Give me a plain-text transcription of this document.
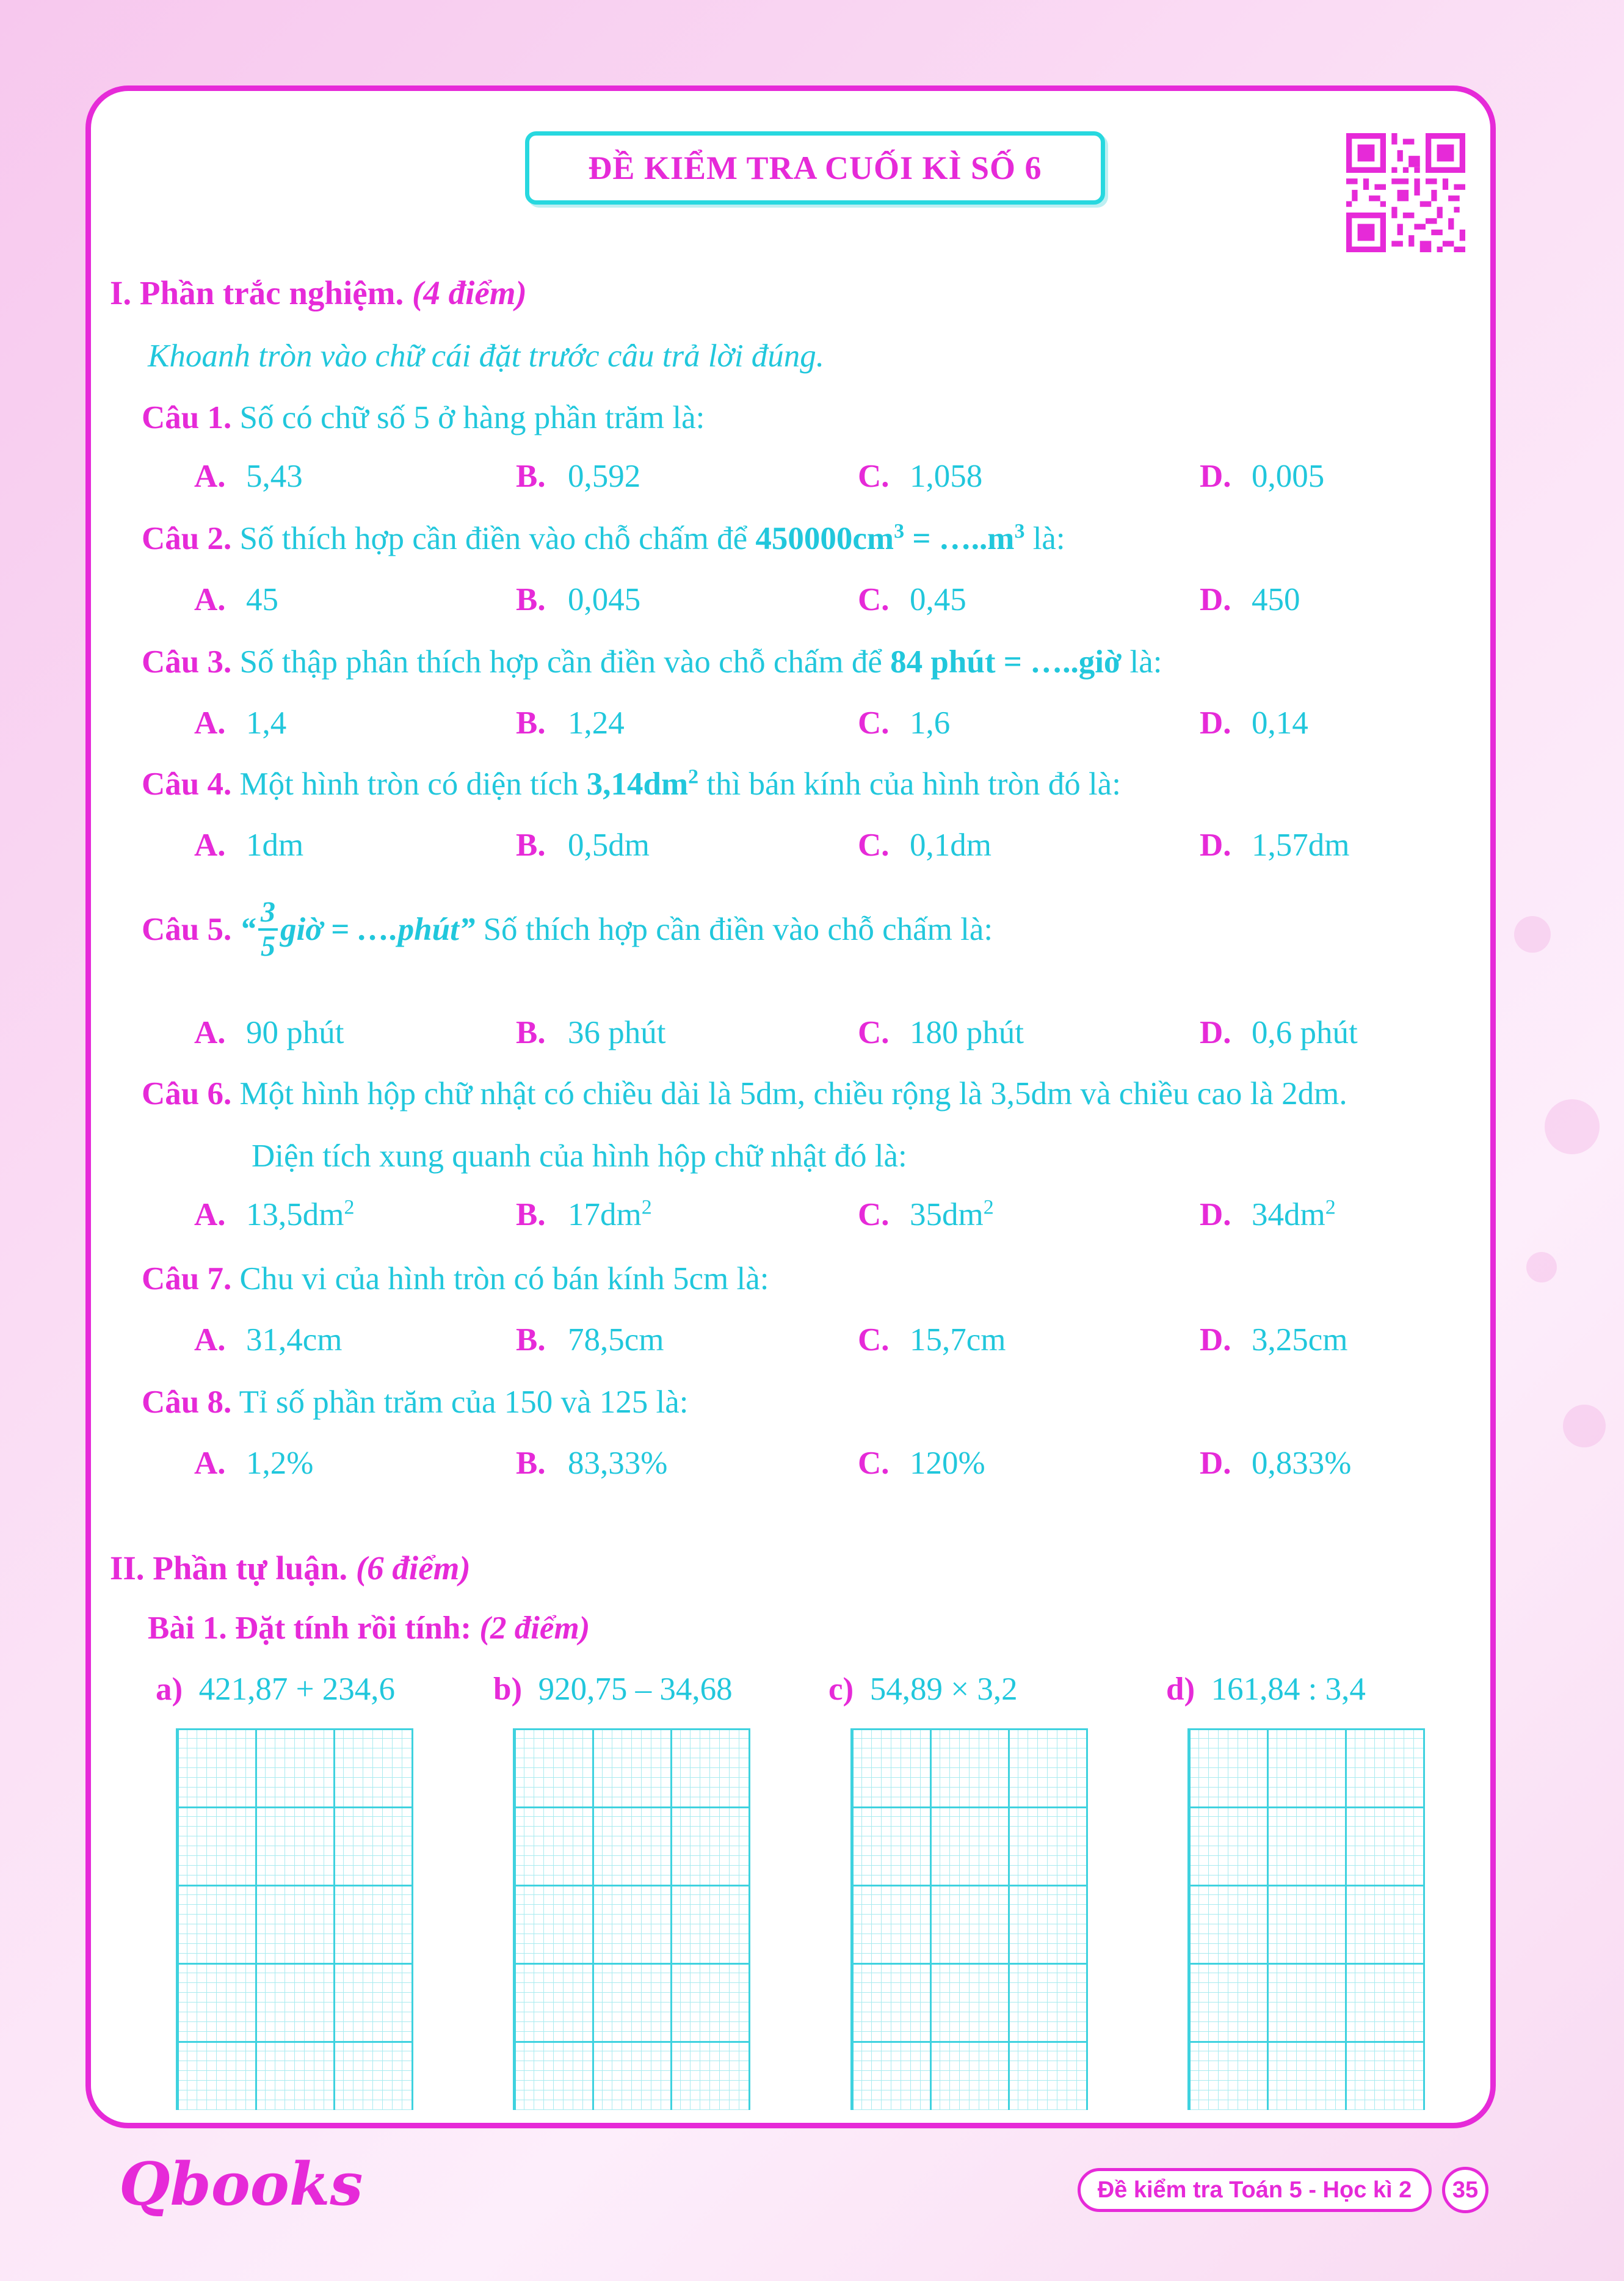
ĐỀ KIỂM TRA CUỐI KÌ SỐ 6
I. Phần trắc nghiệm. (4 điểm)
Khoanh tròn vào chữ cái đặt trước câu trả lời đúng.
Câu 1. Số có chữ số 5 ở hàng phần trăm là:
A. 5,43	B. 0,592	C. 1,058	D. 0,005
Câu 2. Số thích hợp cần điền vào chỗ chấm để $450000cm^3$ = $\dots..m^3$ là:
A. 45	B. 0,045	C. 0,45	D. 450
Câu 3. Số thập phân thích hợp cần điền vào chỗ chấm để 84 phút = …..giờ là:
A. 1,4	B. 1,24	C. 1,6	D. 0,14
Câu 4. Một hình tròn có diện tích $3,14dm^2$ thì bán kính của hình tròn đó là:
A. 1dm	B. 0,5dm	C. 0,1dm	D. 1,57dm
Câu 5.
“ $\frac{3}{5}$ giờ = ….phút”
Số thích hợp cần điền vào chỗ chấm là:
A. 90 phút	B. 36 phút	C. 180 phút	D. 0,6 phút
Câu 6. Một hình hộp chữ nhật có chiều dài là 5dm, chiều rộng là 3,5dm và chiều cao là 2dm.
Diện tích xung quanh của hình hộp chữ nhật đó là:
A. $13,5dm^2$	B. $17dm^2$	C. $35dm^2$	D. $34dm^2$
Câu 7. Chu vi của hình tròn có bán kính 5cm là:
A. 31,4cm	B. 78,5cm	C. 15,7cm	D. 3,25cm
Câu 8. Tỉ số phần trăm của 150 và 125 là:
A. 1,2%	B. 83,33%	C. 120%	D. 0,833%
II. Phần tự luận. (6 điểm)
Bài 1. Đặt tính rồi tính: (2 điểm)
a) 421,87 + 234,6	b) 920,75 – 34,68	c) 54,89 × 3,2	d) 161,84 : 3,4
Qbooks	Đề kiểm tra Toán 5 - Học kì 2	35
